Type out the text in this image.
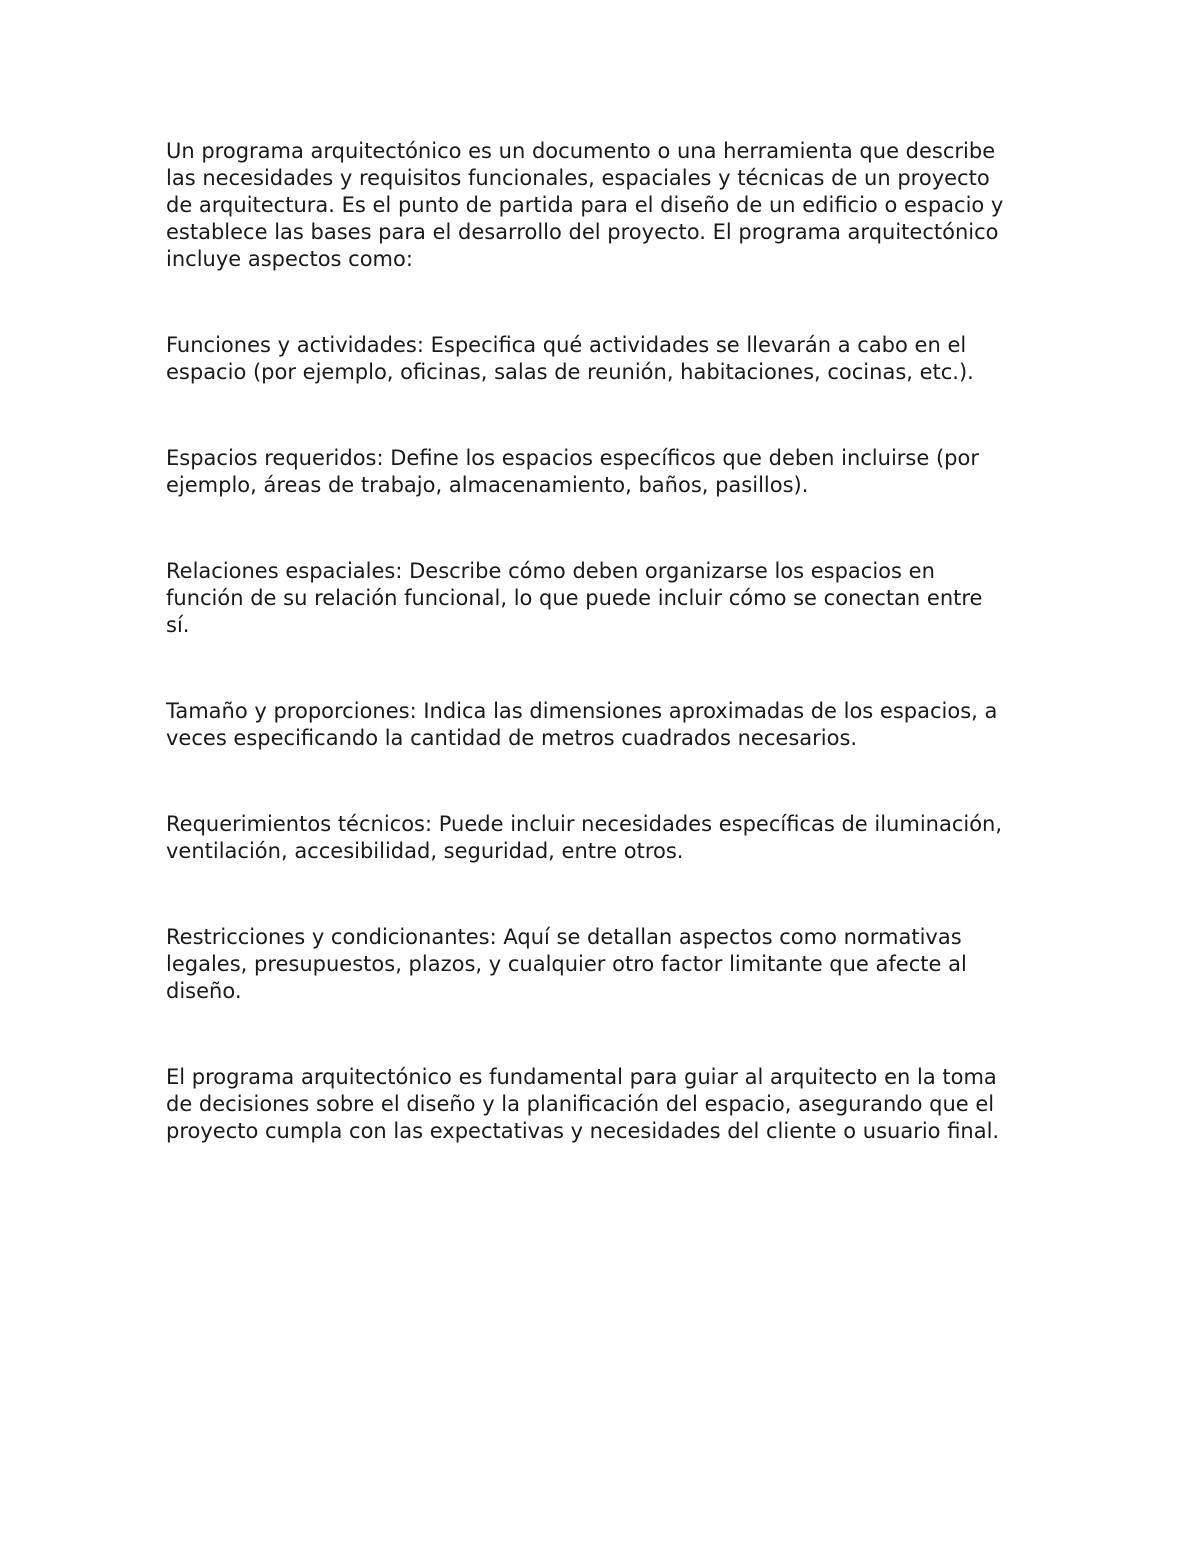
Un programa arquitectónico es un documento o una herramienta que describe
las necesidades y requisitos funcionales, espaciales y técnicas de un proyecto
de arquitectura. Es el punto de partida para el diseño de un edificio o espacio y
establece las bases para el desarrollo del proyecto. El programa arquitectónico
incluye aspectos como:

Funciones y actividades: Especifica qué actividades se llevarán a cabo en el
espacio (por ejemplo, oficinas, salas de reunión, habitaciones, cocinas, etc.).

Espacios requeridos: Define los espacios específicos que deben incluirse (por
ejemplo, áreas de trabajo, almacenamiento, baños, pasillos).

Relaciones espaciales: Describe cómo deben organizarse los espacios en
función de su relación funcional, lo que puede incluir cómo se conectan entre
sí.

Tamaño y proporciones: Indica las dimensiones aproximadas de los espacios, a
veces especificando la cantidad de metros cuadrados necesarios.

Requerimientos técnicos: Puede incluir necesidades específicas de iluminación,
ventilación, accesibilidad, seguridad, entre otros.

Restricciones y condicionantes: Aquí se detallan aspectos como normativas
legales, presupuestos, plazos, y cualquier otro factor limitante que afecte al
diseño.

El programa arquitectónico es fundamental para guiar al arquitecto en la toma
de decisiones sobre el diseño y la planificación del espacio, asegurando que el
proyecto cumpla con las expectativas y necesidades del cliente o usuario final.
